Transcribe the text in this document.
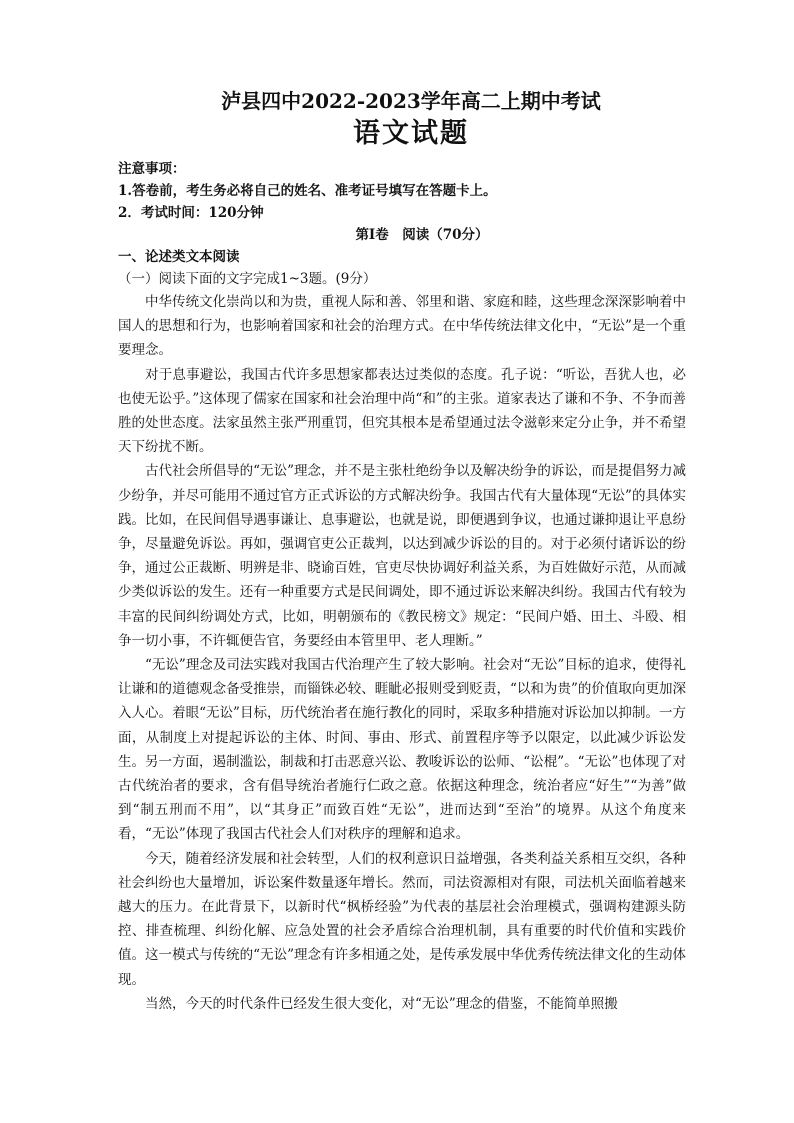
泸县四中2022-2023学年高二上期中考试
语文试题

注意事项：

1.答卷前，考生务必将自己的姓名、准考证号填写在答题卡上。

2．考试时间：120分钟

第I卷　阅读（70分）

一、论述类文本阅读

（一）阅读下面的文字完成1~3题。(9分）

中华传统文化崇尚以和为贵，重视人际和善、邻里和谐、家庭和睦，这些理念深深影响着中国人的思想和行为，也影响着国家和社会的治理方式。在中华传统法律文化中，“无讼”是一个重要理念。

对于息事避讼，我国古代许多思想家都表达过类似的态度。孔子说：“听讼，吾犹人也，必也使无讼乎。”这体现了儒家在国家和社会治理中尚“和”的主张。道家表达了谦和不争、不争而善胜的处世态度。法家虽然主张严刑重罚，但究其根本是希望通过法令滋彰来定分止争，并不希望天下纷扰不断。

古代社会所倡导的“无讼”理念，并不是主张杜绝纷争以及解决纷争的诉讼，而是提倡努力减少纷争，并尽可能用不通过官方正式诉讼的方式解决纷争。我国古代有大量体现“无讼”的具体实践。比如，在民间倡导遇事谦让、息事避讼，也就是说，即便遇到争议，也通过谦抑退让平息纷争，尽量避免诉讼。再如，强调官吏公正裁判，以达到减少诉讼的目的。对于必须付诸诉讼的纷争，通过公正裁断、明辨是非、晓谕百姓，官吏尽快协调好利益关系，为百姓做好示范，从而减少类似诉讼的发生。还有一种重要方式是民间调处，即不通过诉讼来解决纠纷。我国古代有较为丰富的民间纠纷调处方式，比如，明朝颁布的《教民榜文》规定：“民间户婚、田土、斗殴、相争一切小事，不许辄便告官，务要经由本管里甲、老人理断。”

“无讼”理念及司法实践对我国古代治理产生了较大影响。社会对“无讼”目标的追求，使得礼让谦和的道德观念备受推崇，而锱铢必较、睚眦必报则受到贬责，“以和为贵”的价值取向更加深入人心。着眼“无讼”目标，历代统治者在施行教化的同时，采取多种措施对诉讼加以抑制。一方面，从制度上对提起诉讼的主体、时间、事由、形式、前置程序等予以限定，以此减少诉讼发生。另一方面，遏制滥讼，制裁和打击恶意兴讼、教唆诉讼的讼师、“讼棍”。“无讼”也体现了对古代统治者的要求，含有倡导统治者施行仁政之意。依据这种理念，统治者应“好生”“为善”做到“制五刑而不用”，以“其身正”而致百姓“无讼”，进而达到“至治”的境界。从这个角度来看，“无讼”体现了我国古代社会人们对秩序的理解和追求。

今天，随着经济发展和社会转型，人们的权利意识日益增强，各类利益关系相互交织，各种社会纠纷也大量增加，诉讼案件数量逐年增长。然而，司法资源相对有限，司法机关面临着越来越大的压力。在此背景下，以新时代“枫桥经验”为代表的基层社会治理模式，强调构建源头防控、排查梳理、纠纷化解、应急处置的社会矛盾综合治理机制，具有重要的时代价值和实践价值。这一模式与传统的“无讼”理念有许多相通之处，是传承发展中华优秀传统法律文化的生动体现。

当然，今天的时代条件已经发生很大变化，对“无讼”理念的借鉴，不能简单照搬
